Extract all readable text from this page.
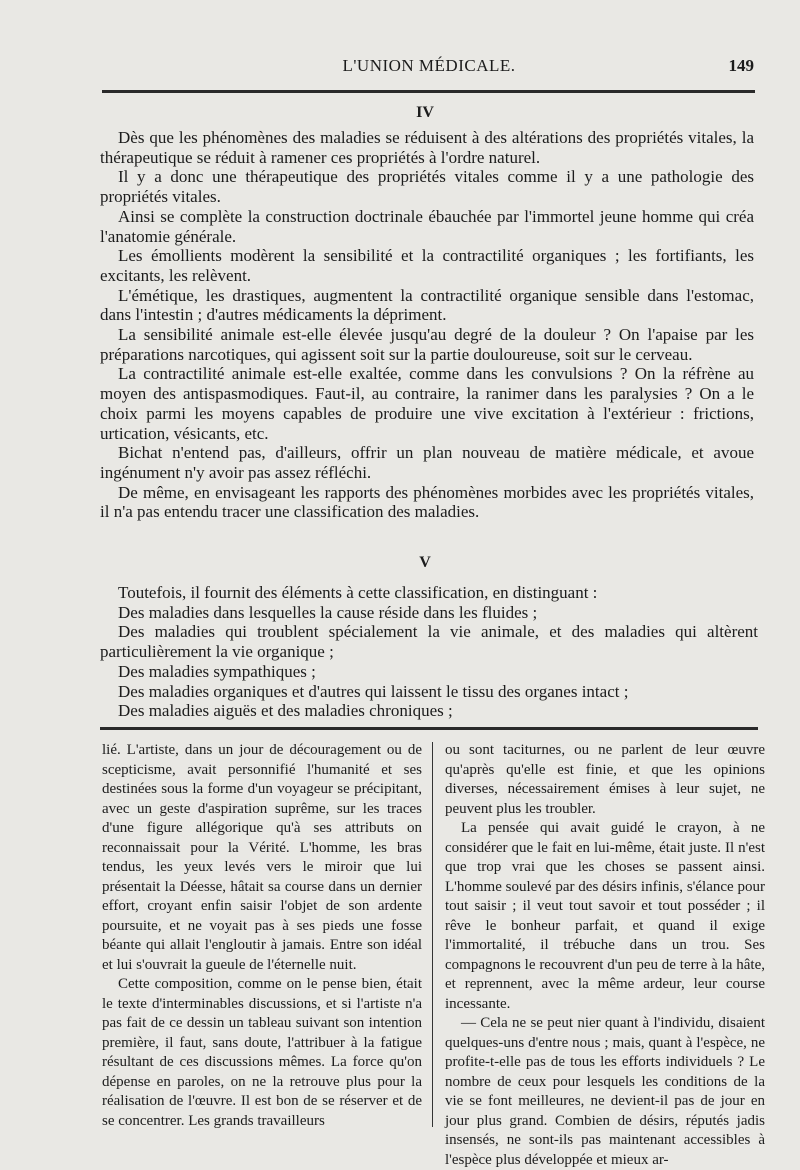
L'UNION MÉDICALE.	149
IV

Dès que les phénomènes des maladies se réduisent à des altérations des propriétés vitales, la thérapeutique se réduit à ramener ces propriétés à l'ordre naturel.

Il y a donc une thérapeutique des propriétés vitales comme il y a une pathologie des propriétés vitales.

Ainsi se complète la construction doctrinale ébauchée par l'immortel jeune homme qui créa l'anatomie générale.

Les émollients modèrent la sensibilité et la contractilité organiques ; les fortifiants, les excitants, les relèvent.

L'émétique, les drastiques, augmentent la contractilité organique sensible dans l'estomac, dans l'intestin ; d'autres médicaments la dépriment.

La sensibilité animale est-elle élevée jusqu'au degré de la douleur ? On l'apaise par les préparations narcotiques, qui agissent soit sur la partie douloureuse, soit sur le cerveau.

La contractilité animale est-elle exaltée, comme dans les convulsions ? On la réfrène au moyen des antispasmodiques. Faut-il, au contraire, la ranimer dans les paralysies ? On a le choix parmi les moyens capables de produire une vive excitation à l'extérieur : frictions, urtication, vésicants, etc.

Bichat n'entend pas, d'ailleurs, offrir un plan nouveau de matière médicale, et avoue ingénument n'y avoir pas assez réfléchi.

De même, en envisageant les rapports des phénomènes morbides avec les propriétés vitales, il n'a pas entendu tracer une classification des maladies.

V

Toutefois, il fournit des éléments à cette classification, en distinguant :

Des maladies dans lesquelles la cause réside dans les fluides ;

Des maladies qui troublent spécialement la vie animale, et des maladies qui altèrent particulièrement la vie organique ;

Des maladies sympathiques ;

Des maladies organiques et d'autres qui laissent le tissu des organes intact ;

Des maladies aiguës et des maladies chroniques ;

lié. L'artiste, dans un jour de découragement ou de scepticisme, avait personnifié l'humanité et ses destinées sous la forme d'un voyageur se précipitant, avec un geste d'aspiration suprême, sur les traces d'une figure allégorique qu'à ses attributs on reconnaissait pour la Vérité. L'homme, les bras tendus, les yeux levés vers le miroir que lui présentait la Déesse, hâtait sa course dans un dernier effort, croyant enfin saisir l'objet de son ardente poursuite, et ne voyait pas à ses pieds une fosse béante qui allait l'engloutir à jamais. Entre son idéal et lui s'ouvrait la gueule de l'éternelle nuit.

Cette composition, comme on le pense bien, était le texte d'interminables discussions, et si l'artiste n'a pas fait de ce dessin un tableau suivant son intention première, il faut, sans doute, l'attribuer à la fatigue résultant de ces discussions mêmes. La force qu'on dépense en paroles, on ne la retrouve plus pour la réalisation de l'œuvre. Il est bon de se réserver et de se concentrer. Les grands travailleurs

ou sont taciturnes, ou ne parlent de leur œuvre qu'après qu'elle est finie, et que les opinions diverses, nécessairement émises à leur sujet, ne peuvent plus les troubler.

La pensée qui avait guidé le crayon, à ne considérer que le fait en lui-même, était juste. Il n'est que trop vrai que les choses se passent ainsi. L'homme soulevé par des désirs infinis, s'élance pour tout saisir ; il veut tout savoir et tout posséder ; il rêve le bonheur parfait, et quand il exige l'immortalité, il trébuche dans un trou. Ses compagnons le recouvrent d'un peu de terre à la hâte, et reprennent, avec la même ardeur, leur course incessante.

— Cela ne se peut nier quant à l'individu, disaient quelques-uns d'entre nous ; mais, quant à l'espèce, ne profite-t-elle pas de tous les efforts individuels ? Le nombre de ceux pour lesquels les conditions de la vie se font meilleures, ne devient-il pas de jour en jour plus grand. Combien de désirs, réputés jadis insensés, ne sont-ils pas maintenant accessibles à l'espèce plus développée et mieux ar-
